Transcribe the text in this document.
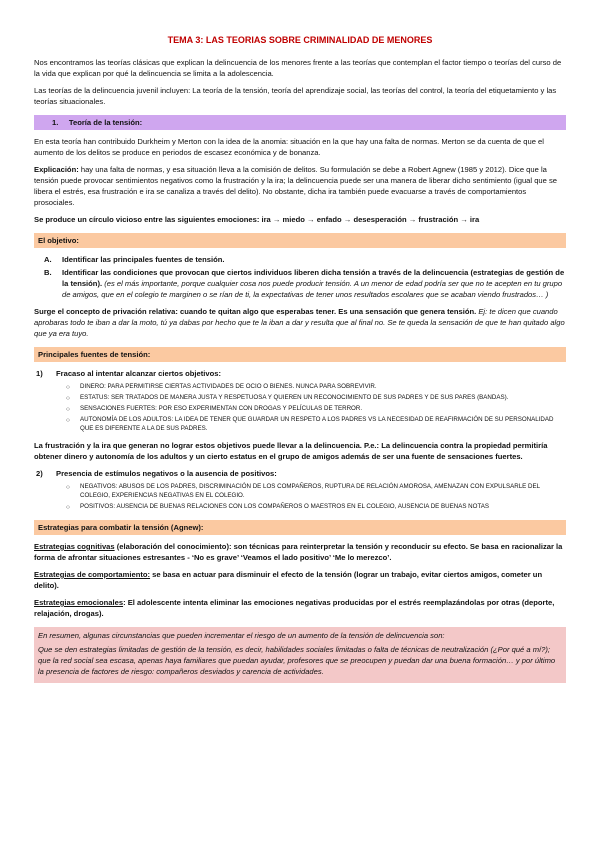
TEMA 3: LAS TEORIAS SOBRE CRIMINALIDAD DE MENORES

Nos encontramos las teorías clásicas que explican la delincuencia de los menores frente a las teorías que contemplan el factor tiempo o teorías del curso de la vida que explican por qué la delincuencia se limita a la adolescencia.

Las teorías de la delincuencia juvenil incluyen: La teoría de la tensión, teoría del aprendizaje social, las teorías del control, la teoría del etiquetamiento y las teorías situacionales.

1. Teoría de la tensión:

En esta teoría han contribuido Durkheim y Merton con la idea de la anomia: situación en la que hay una falta de normas. Merton se da cuenta de que el aumento de los delitos se produce en periodos de escasez económica y de bonanza.

Explicación: hay una falta de normas, y esa situación lleva a la comisión de delitos. Su formulación se debe a Robert Agnew (1985 y 2012). Dice que la tensión puede provocar sentimientos negativos como la frustración y la ira; la delincuencia puede ser una manera de liberar dicho sentimiento (igual que se libera el estrés, esa frustración e ira se canaliza a través del delito). No obstante, dicha ira también puede evacuarse a través de comportamientos prosociales.

Se produce un círculo vicioso entre las siguientes emociones: ira → miedo → enfado → desesperación → frustración → ira

El objetivo:
A. Identificar las principales fuentes de tensión.
B. Identificar las condiciones que provocan que ciertos individuos liberen dicha tensión a través de la delincuencia (estrategias de gestión de la tensión). (es el más importante, porque cualquier cosa nos puede producir tensión. A un menor de edad podría ser que no te acepten en tu grupo de amigos, que en el colegio te marginen o se rían de ti, la expectativas de tener unos resultados escolares que se acaban viendo frustrados… )

Surge el concepto de privación relativa: cuando te quitan algo que esperabas tener. Es una sensación que genera tensión. Ej: te dicen que cuando aprobaras todo te iban a dar la moto, tú ya dabas por hecho que te la iban a dar y resulta que al final no. Se te queda la sensación de que te han quitado algo que ya era tuyo.

Principales fuentes de tensión:
1) Fracaso al intentar alcanzar ciertos objetivos:
○ DINERO: PARA PERMITIRSE CIERTAS ACTIVIDADES DE OCIO O BIENES. NUNCA PARA SOBREVIVIR.
○ ESTATUS: SER TRATADOS DE MANERA JUSTA Y RESPETUOSA Y QUIEREN UN RECONOCIMIENTO DE SUS PADRES Y DE SUS PARES (BANDAS).
○ SENSACIONES FUERTES: POR ESO EXPERIMENTAN CON DROGAS Y PELÍCULAS DE TERROR.
○ AUTONOMÍA DE LOS ADULTOS: LA IDEA DE TENER QUE GUARDAR UN RESPETO A LOS PADRES VS LA NECESIDAD DE REAFIRMACIÓN DE SU PERSONALIDAD QUE ES DIFERENTE A LA DE SUS PADRES.

La frustración y la ira que generan no lograr estos objetivos puede llevar a la delincuencia. P.e.: La delincuencia contra la propiedad permitiría obtener dinero y autonomía de los adultos y un cierto estatus en el grupo de amigos además de ser una fuente de sensaciones fuertes.

2) Presencia de estímulos negativos o la ausencia de positivos:
○ NEGATIVOS: ABUSOS DE LOS PADRES, DISCRIMINACIÓN DE LOS COMPAÑEROS, RUPTURA DE RELACIÓN AMOROSA, AMENAZAN CON EXPULSARLE DEL COLEGIO, EXPERIENCIAS NEGATIVAS EN EL COLEGIO.
○ POSITIVOS: AUSENCIA DE BUENAS RELACIONES CON LOS COMPAÑEROS O MAESTROS EN EL COLEGIO, AUSENCIA DE BUENAS NOTAS
Estrategias para combatir la tensión (Agnew):

Estrategias cognitivas (elaboración del conocimiento): son técnicas para reinterpretar la tensión y reconducir su efecto. Se basa en racionalizar la forma de afrontar situaciones estresantes - ‘No es grave’ ‘Veamos el lado positivo’ ‘Me lo merezco’.

Estrategias de comportamiento: se basa en actuar para disminuir el efecto de la tensión (lograr un trabajo, evitar ciertos amigos, cometer un delito).

Estrategias emocionales: El adolescente intenta eliminar las emociones negativas producidas por el estrés reemplazándolas por otras (deporte, relajación, drogas).

En resumen, algunas circunstancias que pueden incrementar el riesgo de un aumento de la tensión de delincuencia son:

Que se den estrategias limitadas de gestión de la tensión, es decir, habilidades sociales limitadas o falta de técnicas de neutralización (¿Por qué a mí?); que la red social sea escasa, apenas haya familiares que puedan ayudar, profesores que se preocupen y puedan dar una buena formación… y por último la presencia de factores de riesgo: compañeros desviados y carencia de actividades.
